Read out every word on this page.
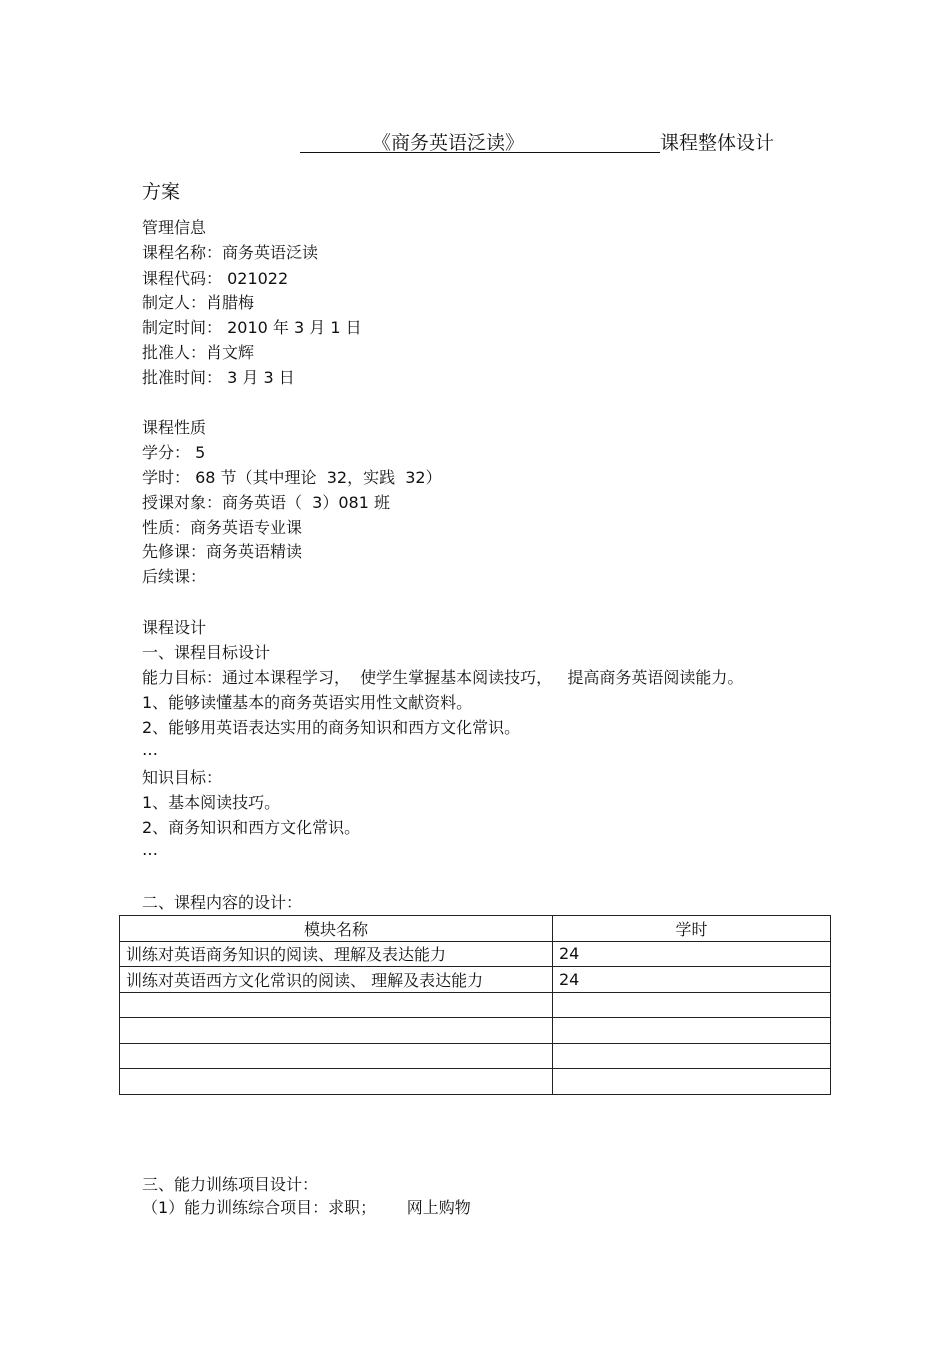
《商务英语泛读》	课程整体设计
方案
管理信息
课程名称：商务英语泛读
课程代码： 021022
制定人：肖腊梅
制定时间： 2010 年 3 月 1 日
批准人：肖文辉
批准时间： 3 月 3 日
课程性质
学分： 5
学时： 68 节（其中理论  32，实践  32）
授课对象：商务英语（  3）081 班
性质：商务英语专业课
先修课：商务英语精读
后续课：
课程设计
一、课程目标设计
能力目标：通过本课程学习，  使学生掌握基本阅读技巧，   提高商务英语阅读能力。
1、能够读懂基本的商务英语实用性文献资料。
2、能够用英语表达实用的商务知识和西方文化常识。
…
知识目标：
1、基本阅读技巧。
2、商务知识和西方文化常识。
…
二、课程内容的设计：
模块名称	学时
训练对英语商务知识的阅读、理解及表达能力	24
训练对英语西方文化常识的阅读、 理解及表达能力	24

三、能力训练项目设计：
（1）能力训练综合项目：求职；      网上购物
